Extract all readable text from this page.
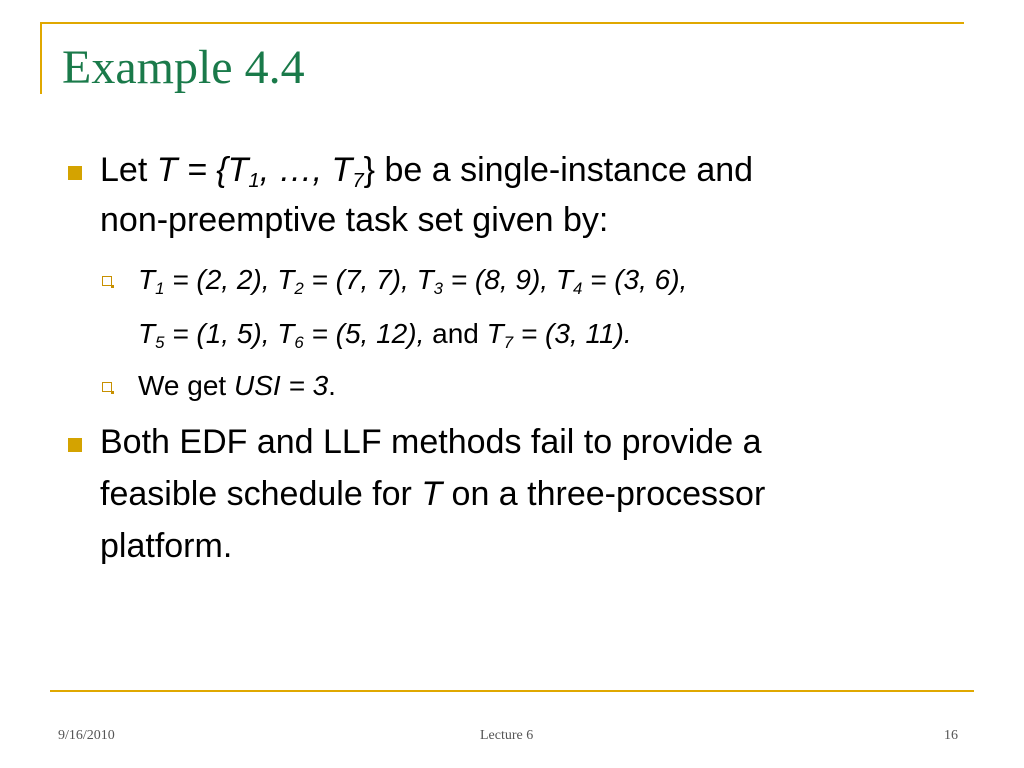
Example 4.4
Let $T = \{T_1$, …, $T_7$} be a single-instance and
non-preemptive task set given by:
$T_1 = (2$, 2), $T_2 = (7$, 7), $T_3 = (8$, 9), $T_4 = (3$, 6),
$T_5 = (1$, 5), $T_6 = (5$, 12), and $T_7 = (3$, 11).
We get USI = 3.
Both EDF and LLF methods fail to provide a
feasible schedule for T on a three-processor
platform.
9/16/2010	Lecture 6	16
